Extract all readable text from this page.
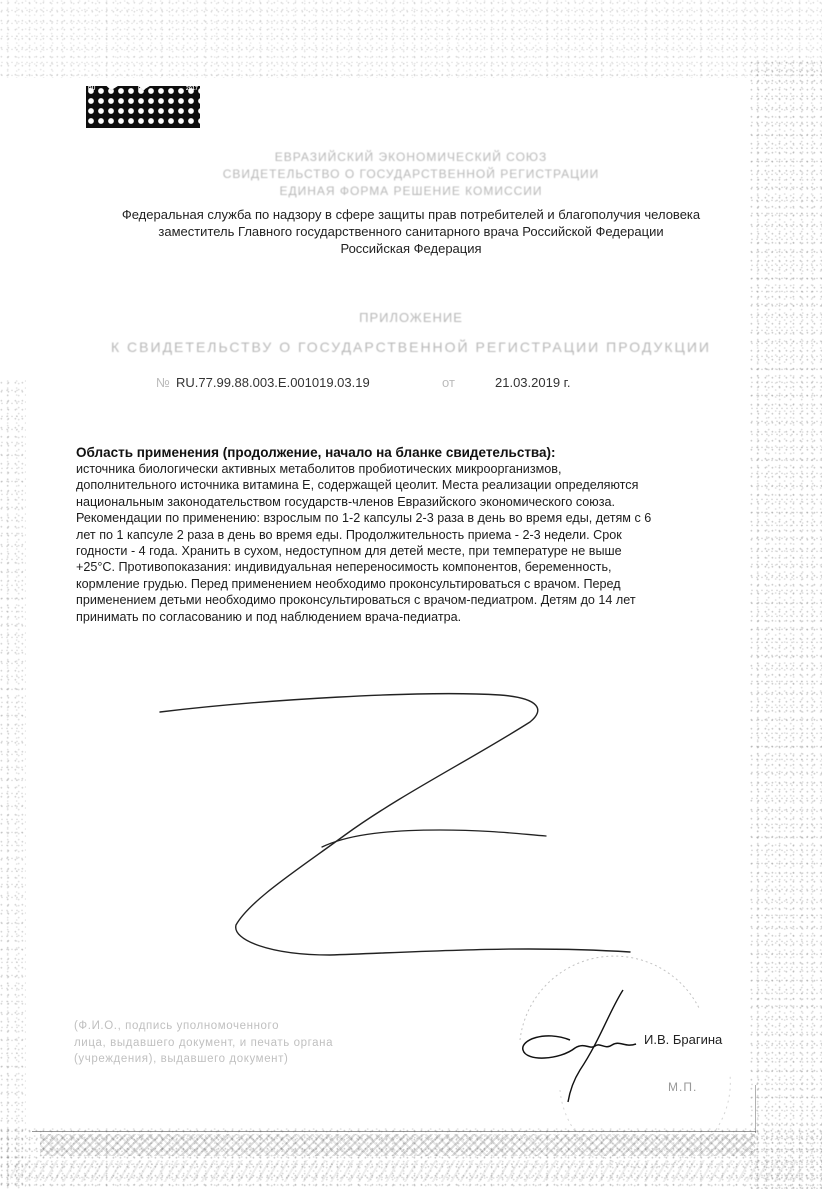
RU	RU	2017
ЕВРАЗИЙСКИЙ ЭКОНОМИЧЕСКИЙ СОЮЗ
СВИДЕТЕЛЬСТВО О ГОСУДАРСТВЕННОЙ РЕГИСТРАЦИИ
ЕДИНАЯ ФОРМА РЕШЕНИЕ КОМИССИИ
Федеральная служба по надзору в сфере защиты прав потребителей и благополучия человека
заместитель Главного государственного санитарного врача Российской Федерации
Российская Федерация
ПРИЛОЖЕНИЕ
К СВИДЕТЕЛЬСТВУ О ГОСУДАРСТВЕННОЙ РЕГИСТРАЦИИ ПРОДУКЦИИ
№ RU.77.99.88.003.E.001019.03.19	от	21.03.2019 г.
Область применения (продолжение, начало на бланке свидетельства):
источника биологически активных метаболитов пробиотических микроорганизмов,
дополнительного источника витамина Е, содержащей цеолит. Места реализации определяются
национальным законодательством государств-членов Евразийского экономического союза.
Рекомендации по применению: взрослым по 1-2 капсулы 2-3 раза в день во время еды, детям с 6
лет по 1 капсуле 2 раза в день во время еды. Продолжительность приема - 2-3 недели. Срок
годности - 4 года. Хранить в сухом, недоступном для детей месте, при температуре не выше
+25°С. Противопоказания: индивидуальная непереносимость компонентов, беременность,
кормление грудью. Перед применением необходимо проконсультироваться с врачом. Перед
применением детьми необходимо проконсультироваться с врачом-педиатром. Детям до 14 лет
принимать по согласованию и под наблюдением врача-педиатра.
(Ф.И.О., подпись уполномоченного
лица, выдавшего документ, и печать органа
(учреждения), выдавшего документ)
И.В. Брагина
М.П.
